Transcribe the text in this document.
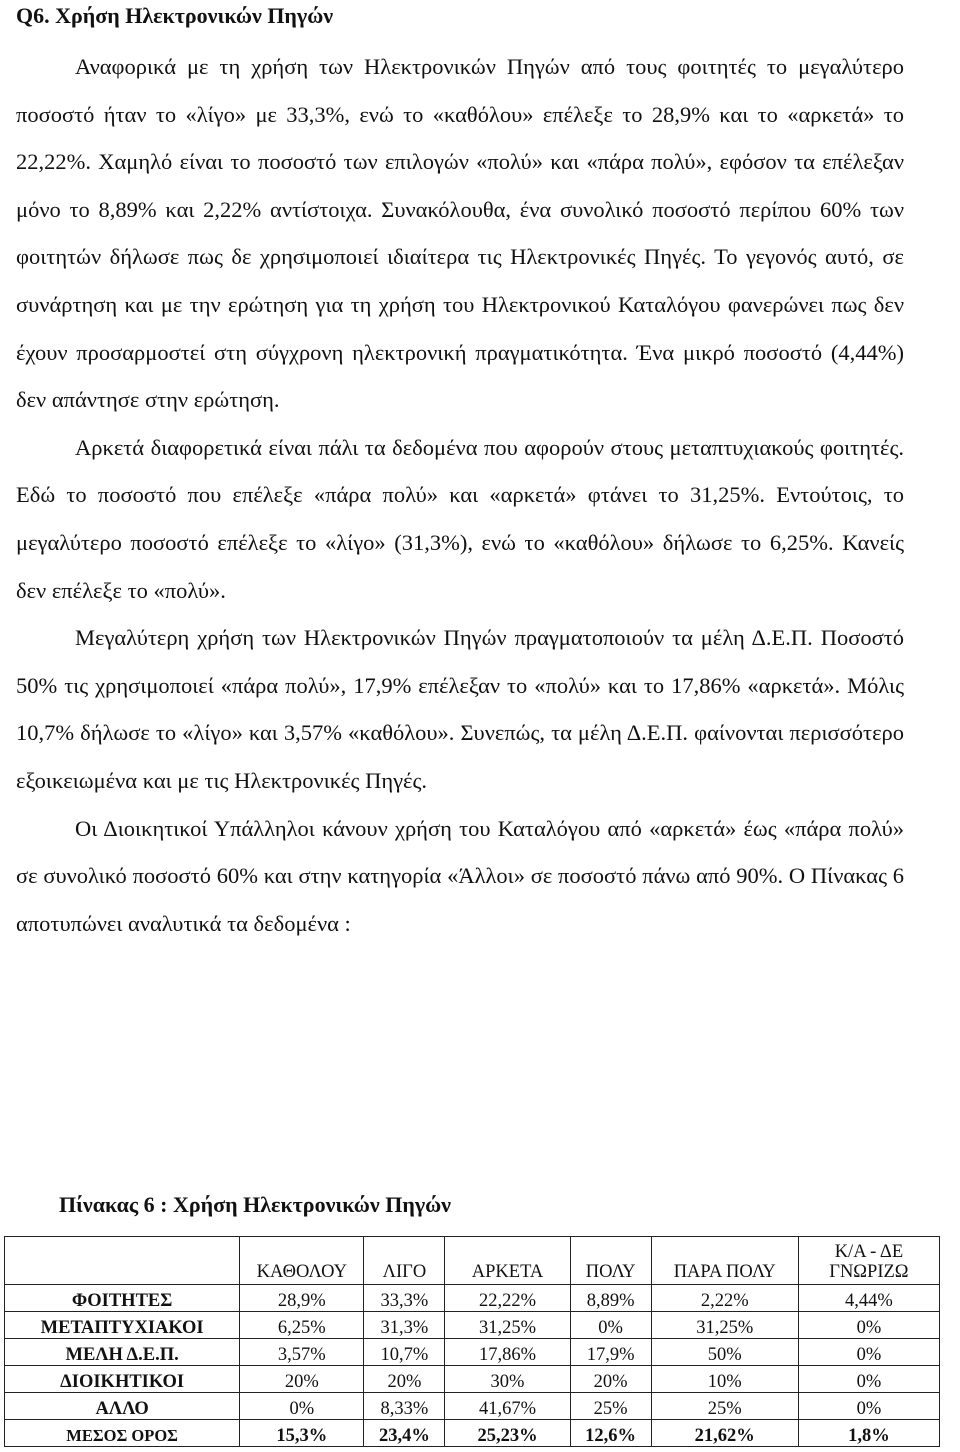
Q6. Χρήση Ηλεκτρονικών Πηγών

Αναφορικά με τη χρήση των Ηλεκτρονικών Πηγών από τους φοιτητές το μεγαλύτερο ποσοστό ήταν το «λίγο» με 33,3%, ενώ το «καθόλου» επέλεξε το 28,9% και το «αρκετά» το 22,22%. Χαμηλό είναι το ποσοστό των επιλογών «πολύ» και «πάρα πολύ», εφόσον τα επέλεξαν μόνο το 8,89% και 2,22% αντίστοιχα. Συνακόλουθα, ένα συνολικό ποσοστό περίπου 60% των φοιτητών δήλωσε πως δε χρησιμοποιεί ιδιαίτερα τις Ηλεκτρονικές Πηγές. Το γεγονός αυτό, σε συνάρτηση και με την ερώτηση για τη χρήση του Ηλεκτρονικού Καταλόγου φανερώνει πως δεν έχουν προσαρμοστεί στη σύγχρονη ηλεκτρονική πραγματικότητα. Ένα μικρό ποσοστό (4,44%) δεν απάντησε στην ερώτηση.

Αρκετά διαφορετικά είναι πάλι τα δεδομένα που αφορούν στους μεταπτυχιακούς φοιτητές. Εδώ το ποσοστό που επέλεξε «πάρα πολύ» και «αρκετά» φτάνει το 31,25%. Εντούτοις, το μεγαλύτερο ποσοστό επέλεξε το «λίγο» (31,3%), ενώ το «καθόλου» δήλωσε το 6,25%. Κανείς δεν επέλεξε το «πολύ».

Μεγαλύτερη χρήση των Ηλεκτρονικών Πηγών πραγματοποιούν τα μέλη Δ.Ε.Π. Ποσοστό 50% τις χρησιμοποιεί «πάρα πολύ», 17,9% επέλεξαν το «πολύ» και το 17,86% «αρκετά». Μόλις 10,7% δήλωσε το «λίγο» και 3,57% «καθόλου». Συνεπώς, τα μέλη Δ.Ε.Π. φαίνονται περισσότερο εξοικειωμένα και με τις Ηλεκτρονικές Πηγές.

Οι Διοικητικοί Υπάλληλοι κάνουν χρήση του Καταλόγου από «αρκετά» έως «πάρα πολύ» σε συνολικό ποσοστό 60% και στην κατηγορία «Άλλοι» σε ποσοστό πάνω από 90%. Ο Πίνακας 6 αποτυπώνει αναλυτικά τα δεδομένα :

Πίνακας 6 : Χρήση Ηλεκτρονικών Πηγών

	ΚΑΘΟΛΟΥ	ΛΙΓΟ	ΑΡΚΕΤΑ	ΠΟΛΥ	ΠΑΡΑ ΠΟΛΥ	Κ/Α - ΔΕ ΓΝΩΡΙΖΩ
ΦΟΙΤΗΤΕΣ	28,9%	33,3%	22,22%	8,89%	2,22%	4,44%
ΜΕΤΑΠΤΥΧΙΑΚΟΙ	6,25%	31,3%	31,25%	0%	31,25%	0%
ΜΕΛΗ Δ.Ε.Π.	3,57%	10,7%	17,86%	17,9%	50%	0%
ΔΙΟΙΚΗΤΙΚΟΙ	20%	20%	30%	20%	10%	0%
ΑΛΛΟ	0%	8,33%	41,67%	25%	25%	0%
ΜΕΣΟΣ ΟΡΟΣ	15,3%	23,4%	25,23%	12,6%	21,62%	1,8%
